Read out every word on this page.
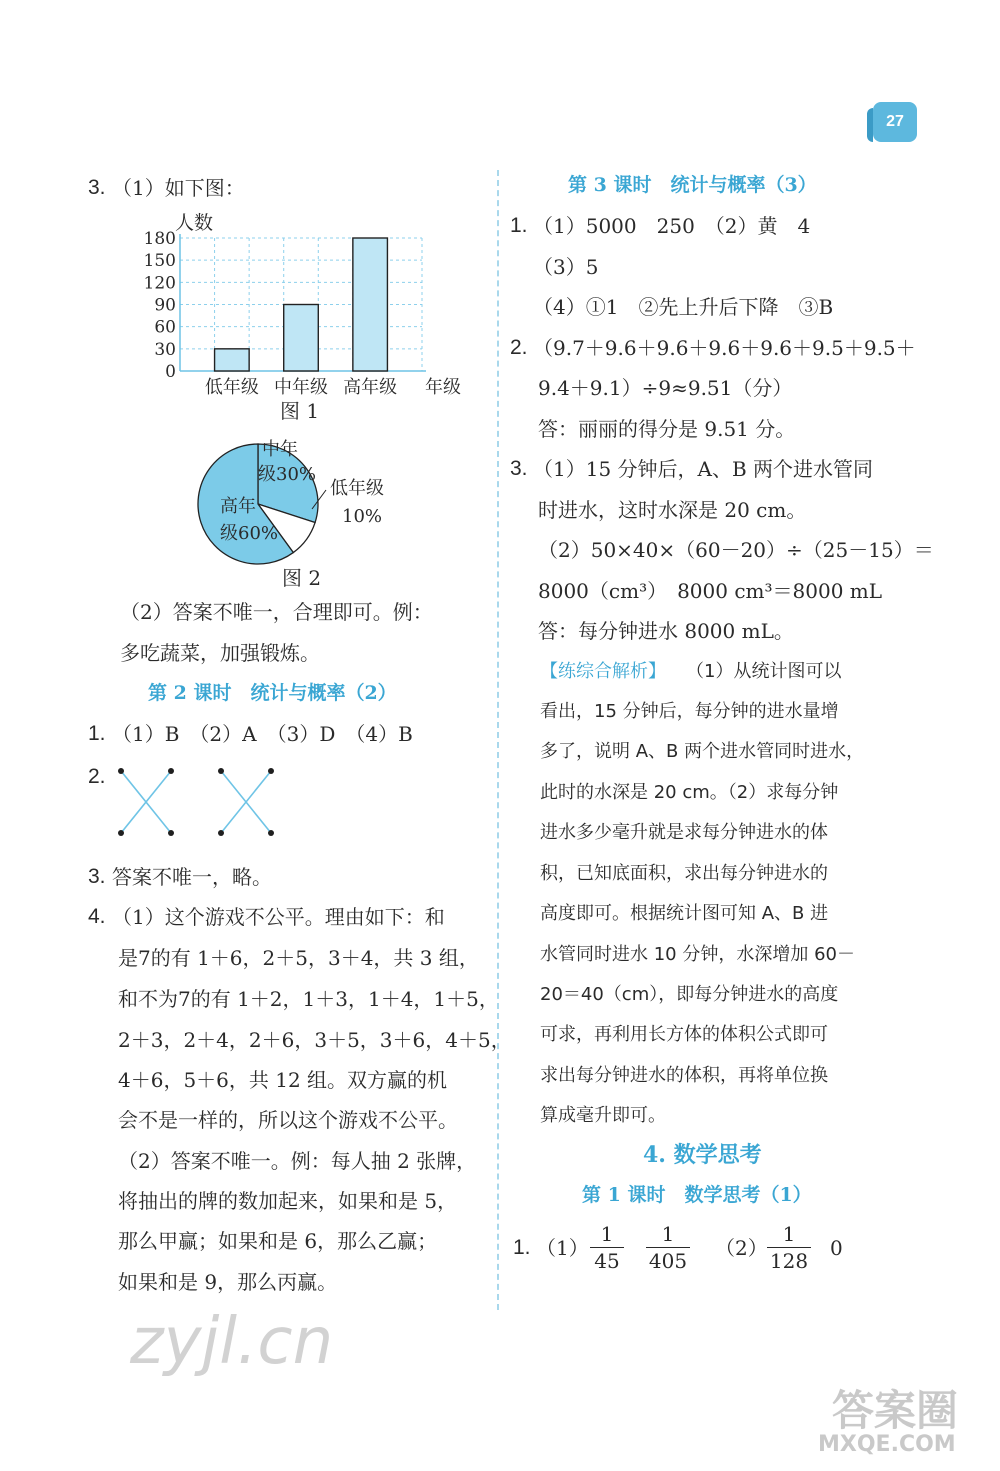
27
3. （1）如下图：
180
150
120
90
60
30
0
低年级 中年级 高年级 年级
人数
图 1
中年
级30%
低年级
10%
高年
级60%
图 2
（2）答案不唯一，合理即可。例：
多吃蔬菜，加强锻炼。
第 2 课时　统计与概率（2）
1. （1）B　（2）A　（3）D　（4）B
2.
3. 答案不唯一，略。
4. （1）这个游戏不公平。理由如下：和
是7的有 1＋6，2＋5，3＋4，共 3 组，
和不为7的有 1＋2，1＋3，1＋4，1＋5，
2＋3，2＋4，2＋6，3＋5，3＋6，4＋5，
4＋6，5＋6，共 12 组。双方赢的机
会不是一样的，所以这个游戏不公平。
（2）答案不唯一。例：每人抽 2 张牌，
将抽出的牌的数加起来，如果和是 5，
那么甲赢；如果和是 6，那么乙赢；
如果和是 9，那么丙赢。
第 3 课时　统计与概率（3）
1. （1）5000　250　（2）黄　4
（3）5
（4）①1　②先上升后下降　③B
2. （9.7＋9.6＋9.6＋9.6＋9.6＋9.5＋9.5＋
9.4＋9.1）÷9≈9.51（分）
答：丽丽的得分是 9.51 分。
3. （1）15 分钟后，A、B 两个进水管同
时进水，这时水深是 20 cm。
（2）50×40×（60－20）÷（25－15）＝
8000（cm³）　8000 cm³＝8000 mL
答：每分钟进水 8000 mL。
【练综合解析】 （1）从统计图可以
看出，15 分钟后，每分钟的进水量增
多了，说明 A、B 两个进水管同时进水，
此时的水深是 20 cm。（2）求每分钟
进水多少毫升就是求每分钟进水的体
积，已知底面积，求出每分钟进水的
高度即可。根据统计图可知 A、B 进
水管同时进水 10 分钟，水深增加 60－
20＝40（cm），即每分钟进水的高度
可求，再利用长方体的体积公式即可
求出每分钟进水的体积，再将单位换
算成毫升即可。
4. 数学思考
第 1 课时　数学思考（1）
1. （1）
1
45
1
405
（2）
1
128
0
zyjl.cn
答案圈
MXQE.COM
